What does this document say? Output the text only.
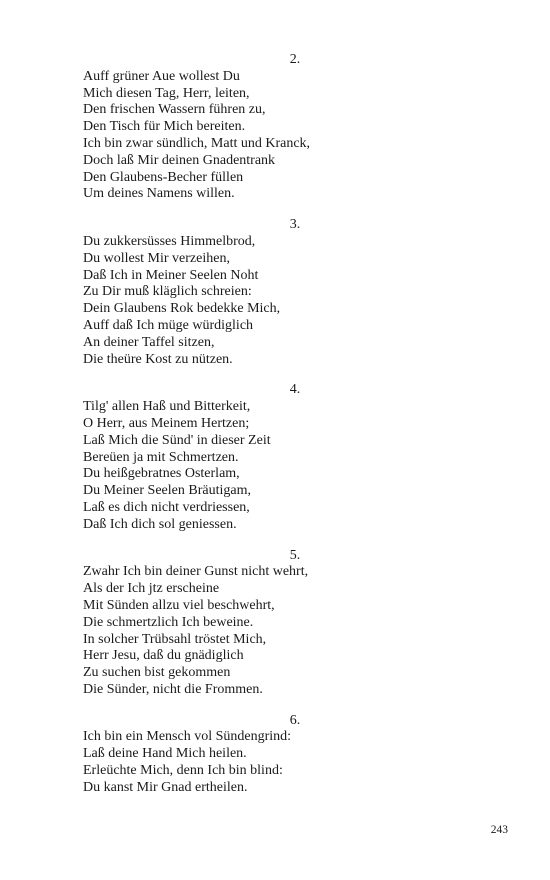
2.
Auff grüner Aue wollest Du
Mich diesen Tag, Herr, leiten,
Den frischen Wassern führen zu,
Den Tisch für Mich bereiten.
Ich bin zwar sündlich, Matt und Kranck,
Doch laß Mir deinen Gnadentrank
Den Glaubens-Becher füllen
Um deines Namens willen.
3.
Du zukkersüsses Himmelbrod,
Du wollest Mir verzeihen,
Daß Ich in Meiner Seelen Noht
Zu Dir muß kläglich schreien:
Dein Glaubens Rok bedekke Mich,
Auff daß Ich müge würdiglich
An deiner Taffel sitzen,
Die theüre Kost zu nützen.
4.
Tilg' allen Haß und Bitterkeit,
O Herr, aus Meinem Hertzen;
Laß Mich die Sünd' in dieser Zeit
Bereüen ja mit Schmertzen.
Du heißgebratnes Osterlam,
Du Meiner Seelen Bräutigam,
Laß es dich nicht verdriessen,
Daß Ich dich sol geniessen.
5.
Zwahr Ich bin deiner Gunst nicht wehrt,
Als der Ich jtz erscheine
Mit Sünden allzu viel beschwehrt,
Die schmertzlich Ich beweine.
In solcher Trübsahl tröstet Mich,
Herr Jesu, daß du gnädiglich
Zu suchen bist gekommen
Die Sünder, nicht die Frommen.
6.
Ich bin ein Mensch vol Sündengrind:
Laß deine Hand Mich heilen.
Erleüchte Mich, denn Ich bin blind:
Du kanst Mir Gnad ertheilen.
243
